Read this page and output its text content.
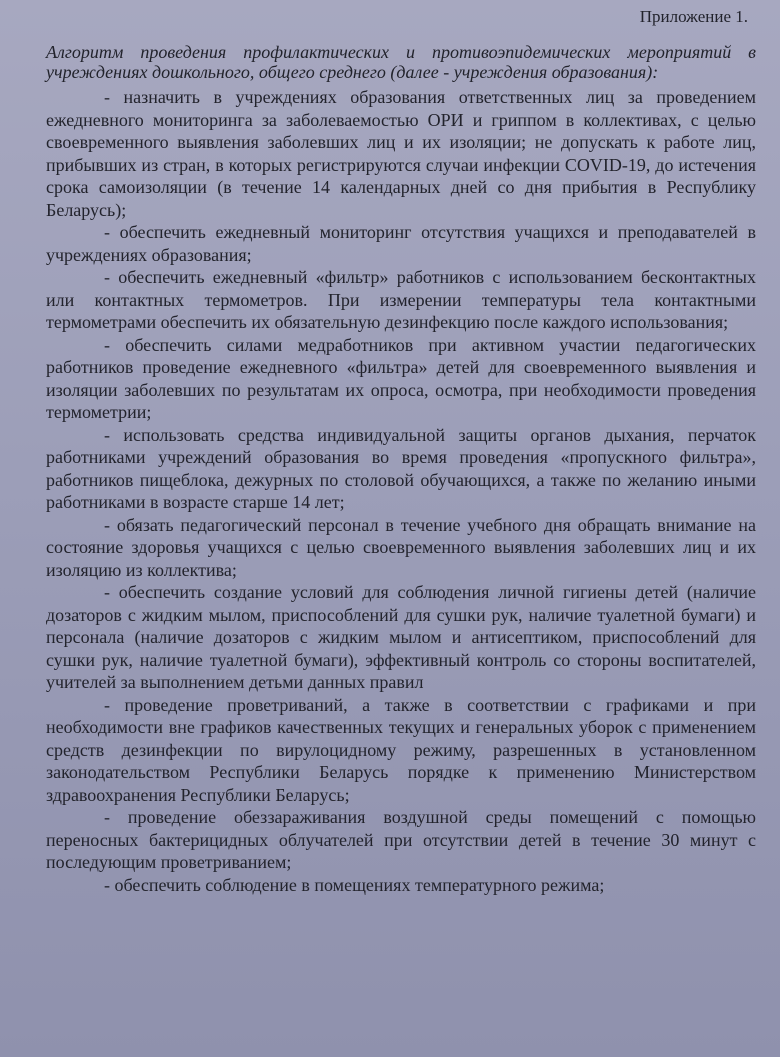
Приложение 1.
Алгоритм проведения профилактических и противоэпидемических мероприятий в учреждениях дошкольного, общего среднего (далее - учреждения образования):

- назначить в учреждениях образования ответственных лиц за проведением ежедневного мониторинга за заболеваемостью ОРИ и гриппом в коллективах, с целью своевременного выявления заболевших лиц и их изоляции; не допускать к работе лиц, прибывших из стран, в которых регистрируются случаи инфекции COVID-19, до истечения срока самоизоляции (в течение 14 календарных дней со дня прибытия в Республику Беларусь);

- обеспечить ежедневный мониторинг отсутствия учащихся и преподавателей в учреждениях образования;

- обеспечить ежедневный «фильтр» работников с использованием бесконтактных или контактных термометров. При измерении температуры тела контактными термометрами обеспечить их обязательную дезинфекцию после каждого использования;

- обеспечить силами медработников при активном участии педагогических работников проведение ежедневного «фильтра» детей для своевременного выявления и изоляции заболевших по результатам их опроса, осмотра, при необходимости проведения термометрии;

- использовать средства индивидуальной защиты органов дыхания, перчаток работниками учреждений образования во время проведения «пропускного фильтра», работников пищеблока, дежурных по столовой обучающихся, а также по желанию иными работниками в возрасте старше 14 лет;

- обязать педагогический персонал в течение учебного дня обращать внимание на состояние здоровья учащихся с целью своевременного выявления заболевших лиц и их изоляцию из коллектива;

- обеспечить создание условий для соблюдения личной гигиены детей (наличие дозаторов с жидким мылом, приспособлений для сушки рук, наличие туалетной бумаги) и персонала (наличие дозаторов с жидким мылом и антисептиком, приспособлений для сушки рук, наличие туалетной бумаги), эффективный контроль со стороны воспитателей, учителей за выполнением детьми данных правил

- проведение проветриваний, а также в соответствии с графиками и при необходимости вне графиков качественных текущих и генеральных уборок с применением средств дезинфекции по вирулоцидному режиму, разрешенных в установленном законодательством Республики Беларусь порядке к применению Министерством здравоохранения Республики Беларусь;

- проведение обеззараживания воздушной среды помещений с помощью переносных бактерицидных облучателей при отсутствии детей в течение 30 минут с последующим проветриванием;

- обеспечить соблюдение в помещениях температурного режима;
